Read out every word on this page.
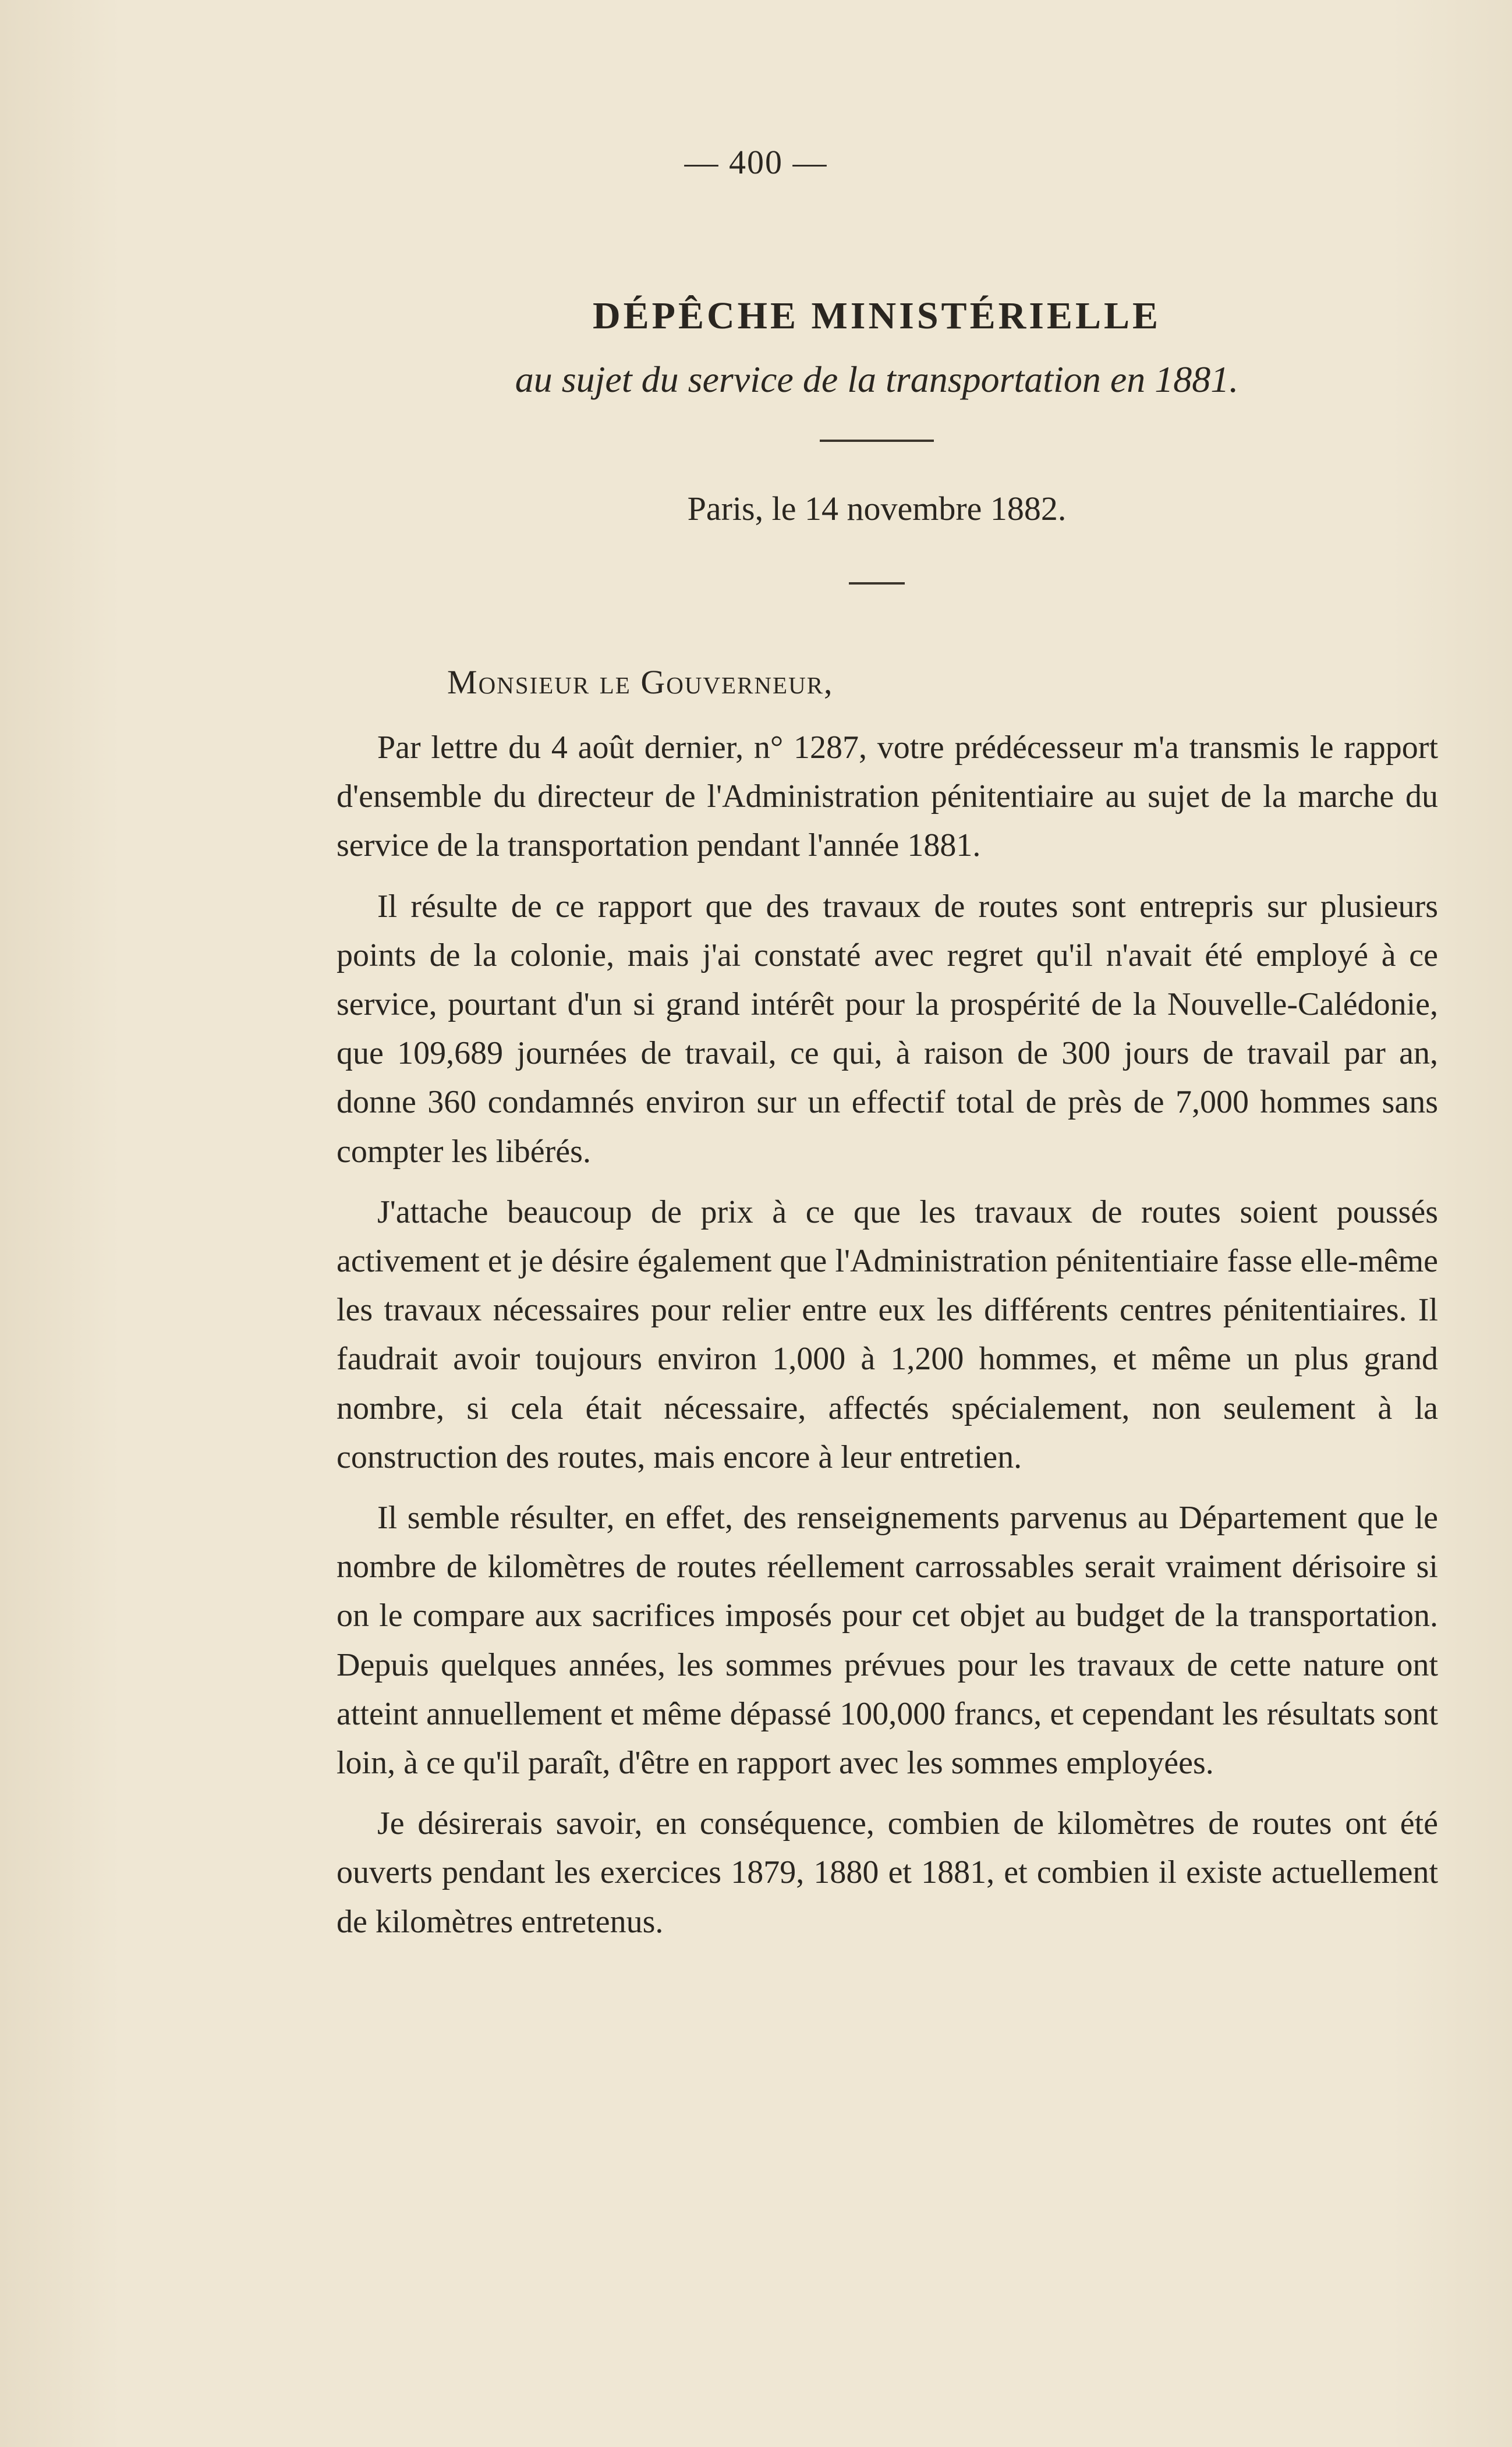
— 400 —
DÉPÊCHE MINISTÉRIELLE
au sujet du service de la transportation en 1881.
Paris, le 14 novembre 1882.
Monsieur le Gouverneur,

Par lettre du 4 août dernier, n° 1287, votre prédécesseur m'a transmis le rapport d'ensemble du directeur de l'Administration pénitentiaire au sujet de la marche du service de la transportation pendant l'année 1881.

Il résulte de ce rapport que des travaux de routes sont entrepris sur plusieurs points de la colonie, mais j'ai constaté avec regret qu'il n'avait été employé à ce service, pourtant d'un si grand intérêt pour la prospérité de la Nouvelle-Calédonie, que 109,689 journées de travail, ce qui, à raison de 300 jours de travail par an, donne 360 condamnés environ sur un effectif total de près de 7,000 hommes sans compter les libérés.

J'attache beaucoup de prix à ce que les travaux de routes soient poussés activement et je désire également que l'Administration pénitentiaire fasse elle-même les travaux nécessaires pour relier entre eux les différents centres pénitentiaires. Il faudrait avoir toujours environ 1,000 à 1,200 hommes, et même un plus grand nombre, si cela était nécessaire, affectés spécialement, non seulement à la construction des routes, mais encore à leur entretien.

Il semble résulter, en effet, des renseignements parvenus au Département que le nombre de kilomètres de routes réellement carrossables serait vraiment dérisoire si on le compare aux sacrifices imposés pour cet objet au budget de la transportation. Depuis quelques années, les sommes prévues pour les travaux de cette nature ont atteint annuellement et même dépassé 100,000 francs, et cependant les résultats sont loin, à ce qu'il paraît, d'être en rapport avec les sommes employées.

Je désirerais savoir, en conséquence, combien de kilomètres de routes ont été ouverts pendant les exercices 1879, 1880 et 1881, et combien il existe actuellement de kilomètres entretenus.
